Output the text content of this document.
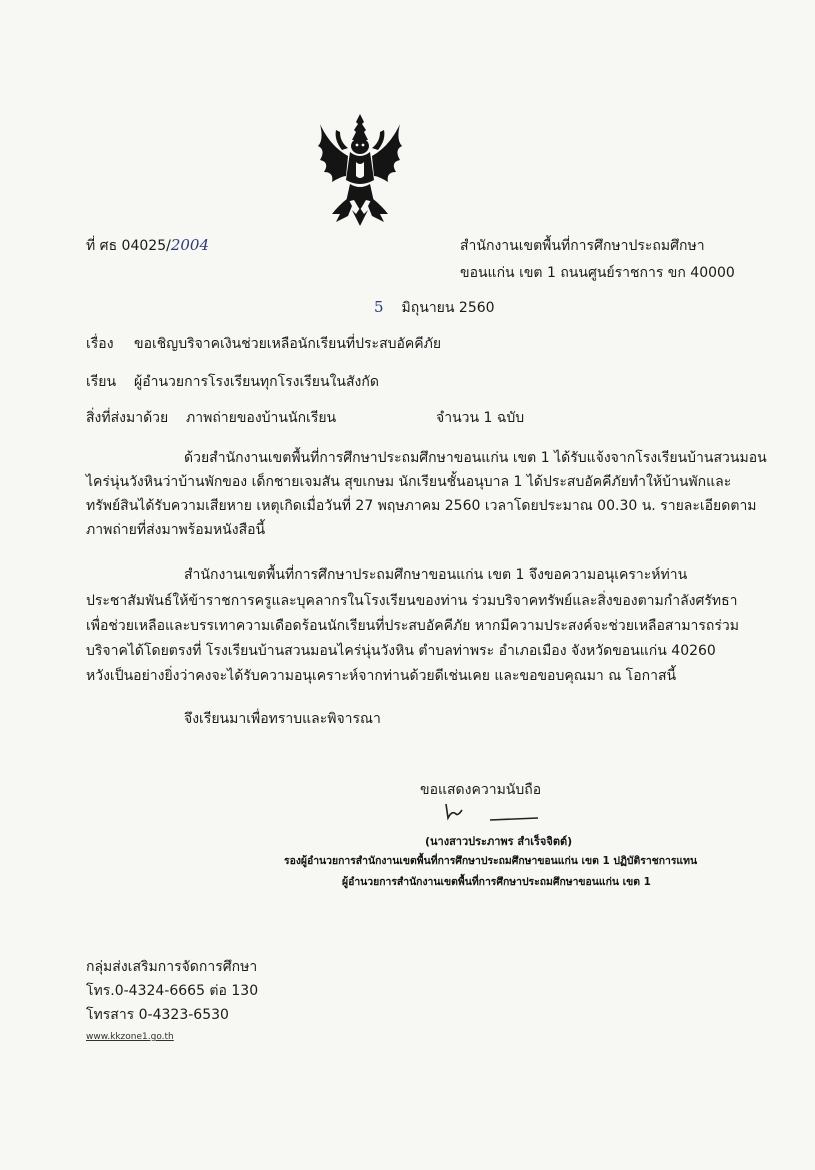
ที่ ศธ 04025/2004	สำนักงานเขตพื้นที่การศึกษาประถมศึกษา
ขอนแก่น เขต 1 ถนนศูนย์ราชการ ขก 40000
5 มิถุนายน 2560
เรื่อง ขอเชิญบริจาคเงินช่วยเหลือนักเรียนที่ประสบอัคคีภัย
เรียน ผู้อำนวยการโรงเรียนทุกโรงเรียนในสังกัด
สิ่งที่ส่งมาด้วย ภาพถ่ายของบ้านนักเรียน	จำนวน 1 ฉบับ
ด้วยสำนักงานเขตพื้นที่การศึกษาประถมศึกษาขอนแก่น เขต 1 ได้รับแจ้งจากโรงเรียนบ้านสวนมอน
ไคร่นุ่นวังหินว่าบ้านพักของ เด็กชายเจมสัน สุขเกษม นักเรียนชั้นอนุบาล 1 ได้ประสบอัคคีภัยทำให้บ้านพักและ
ทรัพย์สินได้รับความเสียหาย เหตุเกิดเมื่อวันที่ 27 พฤษภาคม 2560 เวลาโดยประมาณ 00.30 น. รายละเอียดตาม
ภาพถ่ายที่ส่งมาพร้อมหนังสือนี้
สำนักงานเขตพื้นที่การศึกษาประถมศึกษาขอนแก่น เขต 1 จึงขอความอนุเคราะห์ท่าน
ประชาสัมพันธ์ให้ข้าราชการครูและบุคลากรในโรงเรียนของท่าน ร่วมบริจาคทรัพย์และสิ่งของตามกำลังศรัทธา
เพื่อช่วยเหลือและบรรเทาความเดือดร้อนนักเรียนที่ประสบอัคคีภัย หากมีความประสงค์จะช่วยเหลือสามารถร่วม
บริจาคได้โดยตรงที่ โรงเรียนบ้านสวนมอนไคร่นุ่นวังหิน ตำบลท่าพระ อำเภอเมือง จังหวัดขอนแก่น 40260
หวังเป็นอย่างยิ่งว่าคงจะได้รับความอนุเคราะห์จากท่านด้วยดีเช่นเคย และขอขอบคุณมา ณ โอกาสนี้
จึงเรียนมาเพื่อทราบและพิจารณา
ขอแสดงความนับถือ
(นางสาวประภาพร สำเร็จจิตต์)
รองผู้อำนวยการสำนักงานเขตพื้นที่การศึกษาประถมศึกษาขอนแก่น เขต 1 ปฏิบัติราชการแทน
ผู้อำนวยการสำนักงานเขตพื้นที่การศึกษาประถมศึกษาขอนแก่น เขต 1
กลุ่มส่งเสริมการจัดการศึกษา
โทร.0-4324-6665 ต่อ 130
โทรสาร 0-4323-6530
www.kkzone1.go.th
